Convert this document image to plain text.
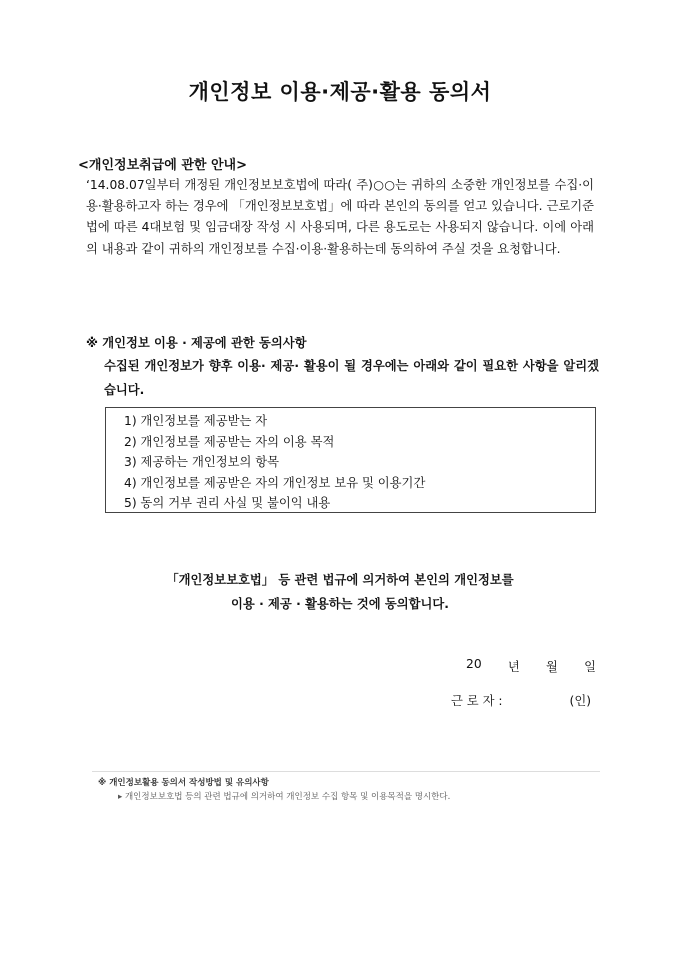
개인정보 이용·제공·활용 동의서
<개인정보취급에 관한 안내>
‘14.08.07일부터 개정된 개인정보보호법에 따라( 주)○○는 귀하의 소중한 개인정보를 수집·이용·활용하고자 하는 경우에 「개인정보보호법」에 따라 본인의 동의를 얻고 있습니다. 근로기준법에 따른 4대보험 및 임금대장 작성 시 사용되며, 다른 용도로는 사용되지 않습니다. 이에 아래의 내용과 같이 귀하의 개인정보를 수집·이용·활용하는데 동의하여 주실 것을 요청합니다.
※ 개인정보 이용 · 제공에 관한 동의사항
수집된 개인정보가 향후 이용· 제공· 활용이 될 경우에는 아래와 같이 필요한 사항을 알리겠습니다.
1) 개인정보를 제공받는 자
2) 개인정보를 제공받는 자의 이용 목적
3) 제공하는 개인정보의 항목
4) 개인정보를 제공받은 자의 개인정보 보유 및 이용기간
5) 동의 거부 권리 사실 및 불이익 내용
「개인정보보호법」 등 관련 법규에 의거하여 본인의 개인정보를
이용 · 제공 · 활용하는 것에 동의합니다.
20 년 월 일
근 로 자 :	(인)
※ 개인정보활용 동의서 작성방법 및 유의사항
▸ 개인정보보호법 등의 관련 법규에 의거하여 개인정보 수집 항목 및 이용목적을 명시한다.
